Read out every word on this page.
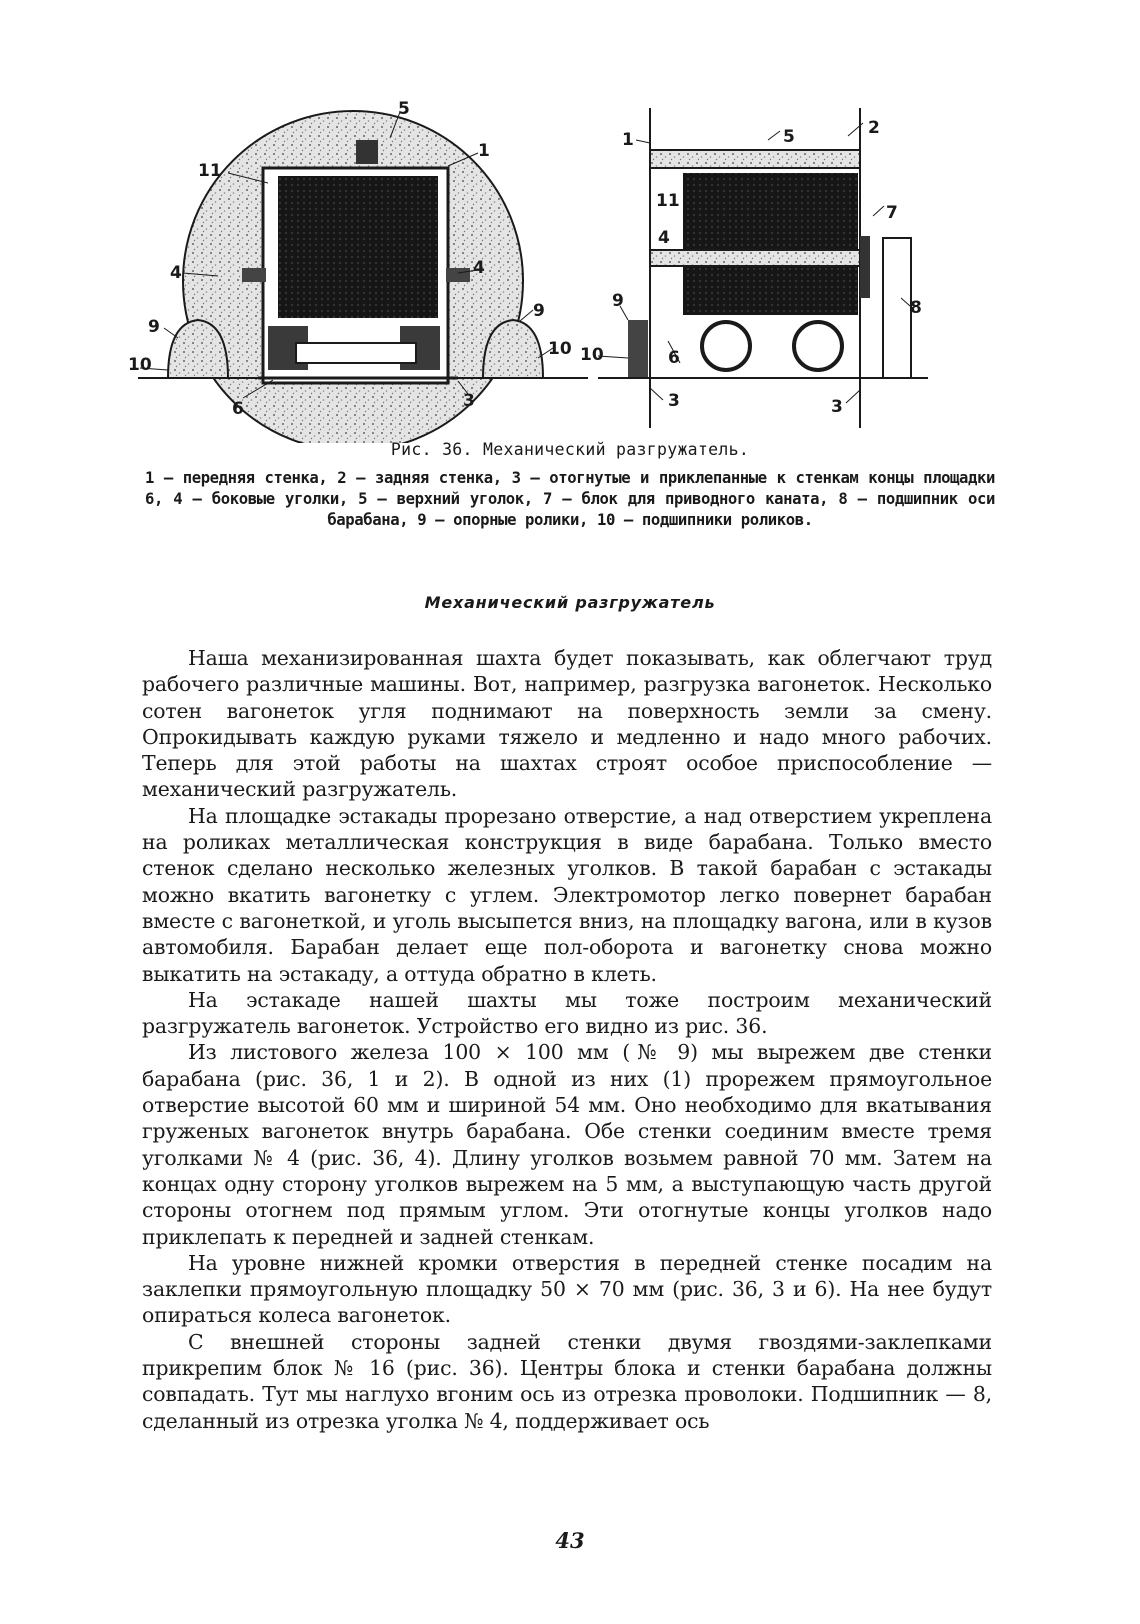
5
1
11
4	4
9
9
10
10
6	3
1
2
5
11
4
7
8
9
10	6
3	3
Рис. 36. Механический разгружатель.
1 — передняя стенка, 2 — задняя стенка, 3 — отогнутые и приклепанные к стенкам концы площадки 6, 4 — боковые уголки, 5 — верхний уголок, 7 — блок для приводного каната, 8 — подшипник оси барабана, 9 — опорные ролики, 10 — подшипники роликов.
Механический разгружатель

Наша механизированная шахта будет показывать, как облегчают труд рабочего различные машины. Вот, например, разгрузка вагонеток. Несколько сотен вагонеток угля поднимают на поверхность земли за смену. Опрокидывать каждую руками тяжело и медленно и надо много рабочих. Теперь для этой работы на шахтах строят особое приспособление — механический разгружатель.

На площадке эстакады прорезано отверстие, а над отверстием укреплена на роликах металлическая конструкция в виде барабана. Только вместо стенок сделано несколько железных уголков. В такой барабан с эстакады можно вкатить вагонетку с углем. Электромотор легко повернет барабан вместе с вагонеткой, и уголь высыпется вниз, на площадку вагона, или в кузов автомобиля. Барабан делает еще пол-оборота и вагонетку снова можно выкатить на эстакаду, а оттуда обратно в клеть.

На эстакаде нашей шахты мы тоже построим механический разгружатель вагонеток. Устройство его видно из рис. 36.

Из листового железа 100 × 100 мм (№ 9) мы вырежем две стенки барабана (рис. 36, 1 и 2). В одной из них (1) прорежем прямоугольное отверстие высотой 60 мм и шириной 54 мм. Оно необходимо для вкатывания груженых вагонеток внутрь барабана. Обе стенки соединим вместе тремя уголками № 4 (рис. 36, 4). Длину уголков возьмем равной 70 мм. Затем на концах одну сторону уголков вырежем на 5 мм, а выступающую часть другой стороны отогнем под прямым углом. Эти отогнутые концы уголков надо приклепать к передней и задней стенкам.

На уровне нижней кромки отверстия в передней стенке посадим на заклепки прямоугольную площадку 50 × 70 мм (рис. 36, 3 и 6). На нее будут опираться колеса вагонеток.

С внешней стороны задней стенки двумя гвоздями-заклепками прикрепим блок № 16 (рис. 36). Центры блока и стенки барабана должны совпадать. Тут мы наглухо вгоним ось из отрезка проволоки. Подшипник — 8, сделанный из отрезка уголка № 4, поддерживает ось

43
